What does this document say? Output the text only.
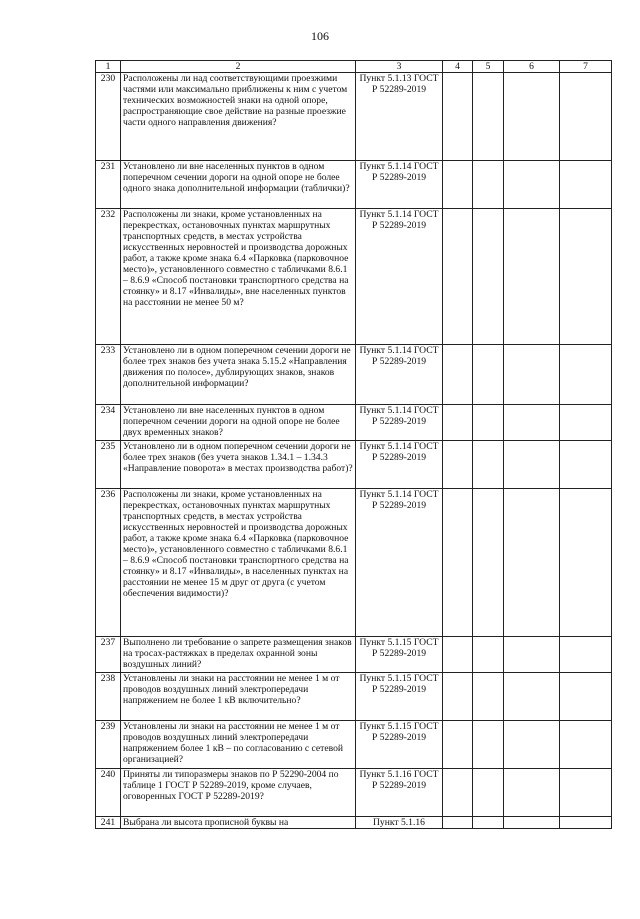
106
1	2	3	4	5	6	7
230	Расположены ли над соответствующими проезжими частями или максимально приближены к ним с учетом технических возможностей знаки на одной опоре, распространяющие свое действие на разные проезжие части одного направления движения?	Пункт 5.1.13 ГОСТ Р 52289-2019				
231	Установлено ли вне населенных пунктов в одном поперечном сечении дороги на одной опоре не более одного знака дополнительной информации (таблички)?	Пункт 5.1.14 ГОСТ Р 52289-2019				
232	Расположены ли знаки, кроме установленных на перекрестках, остановочных пунктах маршрутных транспортных средств, в местах устройства искусственных неровностей и производства дорожных работ, а также кроме знака 6.4 «Парковка (парковочное место)», установленного совместно с табличками 8.6.1 – 8.6.9 «Способ постановки транспортного средства на стоянку» и 8.17 «Инвалиды», вне населенных пунктов на расстоянии не менее 50 м?	Пункт 5.1.14 ГОСТ Р 52289-2019				
233	Установлено ли в одном поперечном сечении дороги не более трех знаков без учета знака 5.15.2 «Направления движения по полосе», дублирующих знаков, знаков дополнительной информации?	Пункт 5.1.14 ГОСТ Р 52289-2019				
234	Установлено ли вне населенных пунктов в одном поперечном сечении дороги на одной опоре не более двух временных знаков?	Пункт 5.1.14 ГОСТ Р 52289-2019				
235	Установлено ли в одном поперечном сечении дороги не более трех знаков (без учета знаков 1.34.1 – 1.34.3 «Направление поворота» в местах производства работ)?	Пункт 5.1.14 ГОСТ Р 52289-2019				
236	Расположены ли знаки, кроме установленных на перекрестках, остановочных пунктах маршрутных транспортных средств, в местах устройства искусственных неровностей и производства дорожных работ, а также кроме знака 6.4 «Парковка (парковочное место)», установленного совместно с табличками 8.6.1 – 8.6.9 «Способ постановки транспортного средства на стоянку» и 8.17 «Инвалиды», в населенных пунктах на расстоянии не менее 15 м друг от друга (с учетом обеспечения видимости)?	Пункт 5.1.14 ГОСТ Р 52289-2019				
237	Выполнено ли требование о запрете размещения знаков на тросах-растяжках в пределах охранной зоны воздушных линий?	Пункт 5.1.15 ГОСТ Р 52289-2019				
238	Установлены ли знаки на расстоянии не менее 1 м от проводов воздушных линий электропередачи напряжением не более 1 кВ включительно?	Пункт 5.1.15 ГОСТ Р 52289-2019				
239	Установлены ли знаки на расстоянии не менее 1 м от проводов воздушных линий электропередачи напряжением более 1 кВ – по согласованию с сетевой организацией?	Пункт 5.1.15 ГОСТ Р 52289-2019				
240	Приняты ли типоразмеры знаков по Р 52290-2004 по таблице 1 ГОСТ Р 52289-2019, кроме случаев, оговоренных ГОСТ Р 52289-2019?	Пункт 5.1.16 ГОСТ Р 52289-2019				
241	Выбрана ли высота прописной буквы на	Пункт 5.1.16				
